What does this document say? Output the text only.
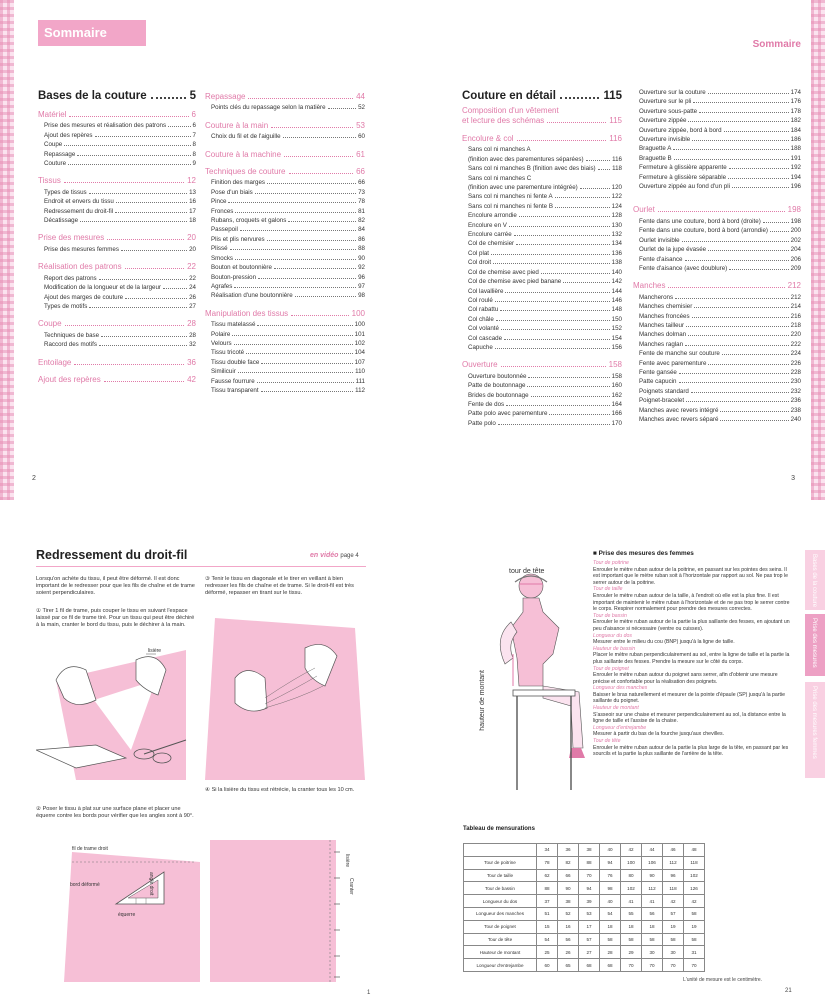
Sommaire
Bases de la couture	5
Matériel	6
Prise des mesures et réalisation des patrons	6
Ajout des repères	7
Coupe	8
Repassage	8
Couture	9
Tissus	12
Types de tissus	13
Endroit et envers du tissu	16
Redressement du droit-fil	17
Décatissage	18
Prise des mesures	20
Prise des mesures femmes	20
Réalisation des patrons	22
Report des patrons	22
Modification de la longueur et de la largeur	24
Ajout des marges de couture	26
Types de motifs	27
Coupe	28
Techniques de base	28
Raccord des motifs	32
Entoilage	36
Ajout des repères	42
Repassage	44
Points clés du repassage selon la matière	52
Couture à la main	53
Choix du fil et de l'aiguille	60
Couture à la machine	61
Techniques de couture	66
Finition des marges	66
Pose d'un biais	73
Pince	78
Fronces	81
Rubans, croquets et galons	82
Passepoil	84
Plis et plis nervures	86
Plissé	88
Smocks	90
Bouton et boutonnière	92
Bouton-pression	96
Agrafes	97
Réalisation d'une boutonnière	98
Manipulation des tissus	100
Tissu matelassé	100
Polaire	101
Velours	102
Tissu tricoté	104
Tissu double face	107
Similicuir	110
Fausse fourrure	111
Tissu transparent	112
2
Sommaire
Couture en détail	115
Composition d'un vêtement
et lecture des schémas	115
Encolure & col	116
Sans col ni manches A
(finition avec des parementures séparées)	116
Sans col ni manches B (finition avec des biais)	118
Sans col ni manches C
(finition avec une parementure intégrée)	120
Sans col ni manches ni fente A	122
Sans col ni manches ni fente B	124
Encolure arrondie	128
Encolure en V	130
Encolure carrée	132
Col de chemisier	134
Col plat	136
Col droit	138
Col de chemise avec pied	140
Col de chemise avec pied banane	142
Col lavallière	144
Col roulé	146
Col rabattu	148
Col châle	150
Col volanté	152
Col cascade	154
Capuche	156
Ouverture	158
Ouverture boutonnée	158
Patte de boutonnage	160
Brides de boutonnage	162
Fente de dos	164
Patte polo avec parementure	166
Patte polo	170
Ouverture sur la couture	174
Ouverture sur le pli	176
Ouverture sous-patte	178
Ouverture zippée	182
Ouverture zippée, bord à bord	184
Ouverture invisible	186
Braguette A	188
Braguette B	191
Fermeture à glissière apparente	192
Fermeture à glissière séparable	194
Ouverture zippée au fond d'un pli	196
Ourlet	198
Fente dans une couture, bord à bord (droite)	198
Fente dans une couture, bord à bord (arrondie)	200
Ourlet invisible	202
Ourlet de la jupe évasée	204
Fente d'aisance	206
Fente d'aisance (avec doublure)	209
Manches	212
Mancherons	212
Manches chemisier	214
Manches froncées	216
Manches tailleur	218
Manches dolman	220
Manches raglan	222
Fente de manche sur couture	224
Fente avec parementure	226
Fente gansée	228
Patte capucin	230
Poignets standard	232
Poignet-bracelet	236
Manches avec revers intégré	238
Manches avec revers séparé	240
3
Redressement du droit-fil	en vidéo page 4
Lorsqu'on achète du tissu, il peut être déformé. Il est donc important de le redresser pour que les fils de chaîne et de trame soient perpendiculaires.
① Tirer 1 fil de trame, puis couper le tissu en suivant l'espace laissé par ce fil de trame tiré. Pour un tissu qui peut être déchiré à la main, cranter le bord du tissu, puis le déchirer à la main.
③ Tenir le tissu en diagonale et le tirer en veillant à bien redresser les fils de chaîne et de trame. Si le droit-fil est très déformé, repasser en tirant sur le tissu.
lisière
④ Si la lisière du tissu est rétrécie, la cranter tous les 10 cm.
② Poser le tissu à plat sur une surface plane et placer une équerre contre les bords pour vérifier que les angles sont à 90°.
fil de trame droit
bord déformé	angle droit
équerre
lisière
Cranter
1
tour de tête
hauteur de montant
■ Prise des mesures des femmes
Tour de poitrine
Enrouler le mètre ruban autour de la poitrine, en passant sur les pointes des seins. Il est important que le mètre ruban soit à l'horizontale par rapport au sol. Ne pas trop le serrer autour de la poitrine.
Tour de taille
Enrouler le mètre ruban autour de la taille, à l'endroit où elle est la plus fine. Il est important de maintenir le mètre ruban à l'horizontale et de ne pas trop le serrer contre le corps. Respirer normalement pour prendre des mesures correctes.
Tour de bassin
Enrouler le mètre ruban autour de la partie la plus saillante des fesses, en ajoutant un peu d'aisance si nécessaire (ventre ou cuisses).
Longueur du dos
Mesurer entre le milieu du cou (BNP) jusqu'à la ligne de taille.
Hauteur de bassin
Placer le mètre ruban perpendiculairement au sol, entre la ligne de taille et la partie la plus saillante des fesses. Prendre la mesure sur le côté du corps.
Tour de poignet
Enrouler le mètre ruban autour du poignet sans serrer, afin d'obtenir une mesure précise et confortable pour la réalisation des poignets.
Longueur des manches
Baisser le bras naturellement et mesurer de la pointe d'épaule (SP) jusqu'à la partie saillante du poignet.
Hauteur de montant
S'asseoir sur une chaise et mesurer perpendiculairement au sol, la distance entre la ligne de taille et l'assise de la chaise.
Longueur d'entrejambe
Mesurer à partir du bas de la fourche jusqu'aux chevilles.
Tour de tête
Enrouler le mètre ruban autour de la partie la plus large de la tête, en passant par les sourcils et la partie la plus saillante de l'arrière de la tête.
Tableau de mensurations
	34	36	38	40	42	44	46	48
Tour de poitrine	78	82	88	94	100	106	112	118
Tour de taille	62	66	70	76	80	90	96	102
Tour de bassin	88	90	94	98	102	112	118	126
Longueur du dos	37	38	39	40	41	41	42	42
Longueur des manches	51	52	53	54	55	56	57	58
Tour de poignet	15	16	17	18	18	18	19	19
Tour de tête	54	56	57	58	58	58	58	58
Hauteur de montant	25	26	27	28	29	30	30	31
Longueur d'entrejambe	60	65	68	68	70	70	70	70
L'unité de mesure est le centimètre.
Bases de la couture
Prise des mesures
Prise des mesures femmes
21
